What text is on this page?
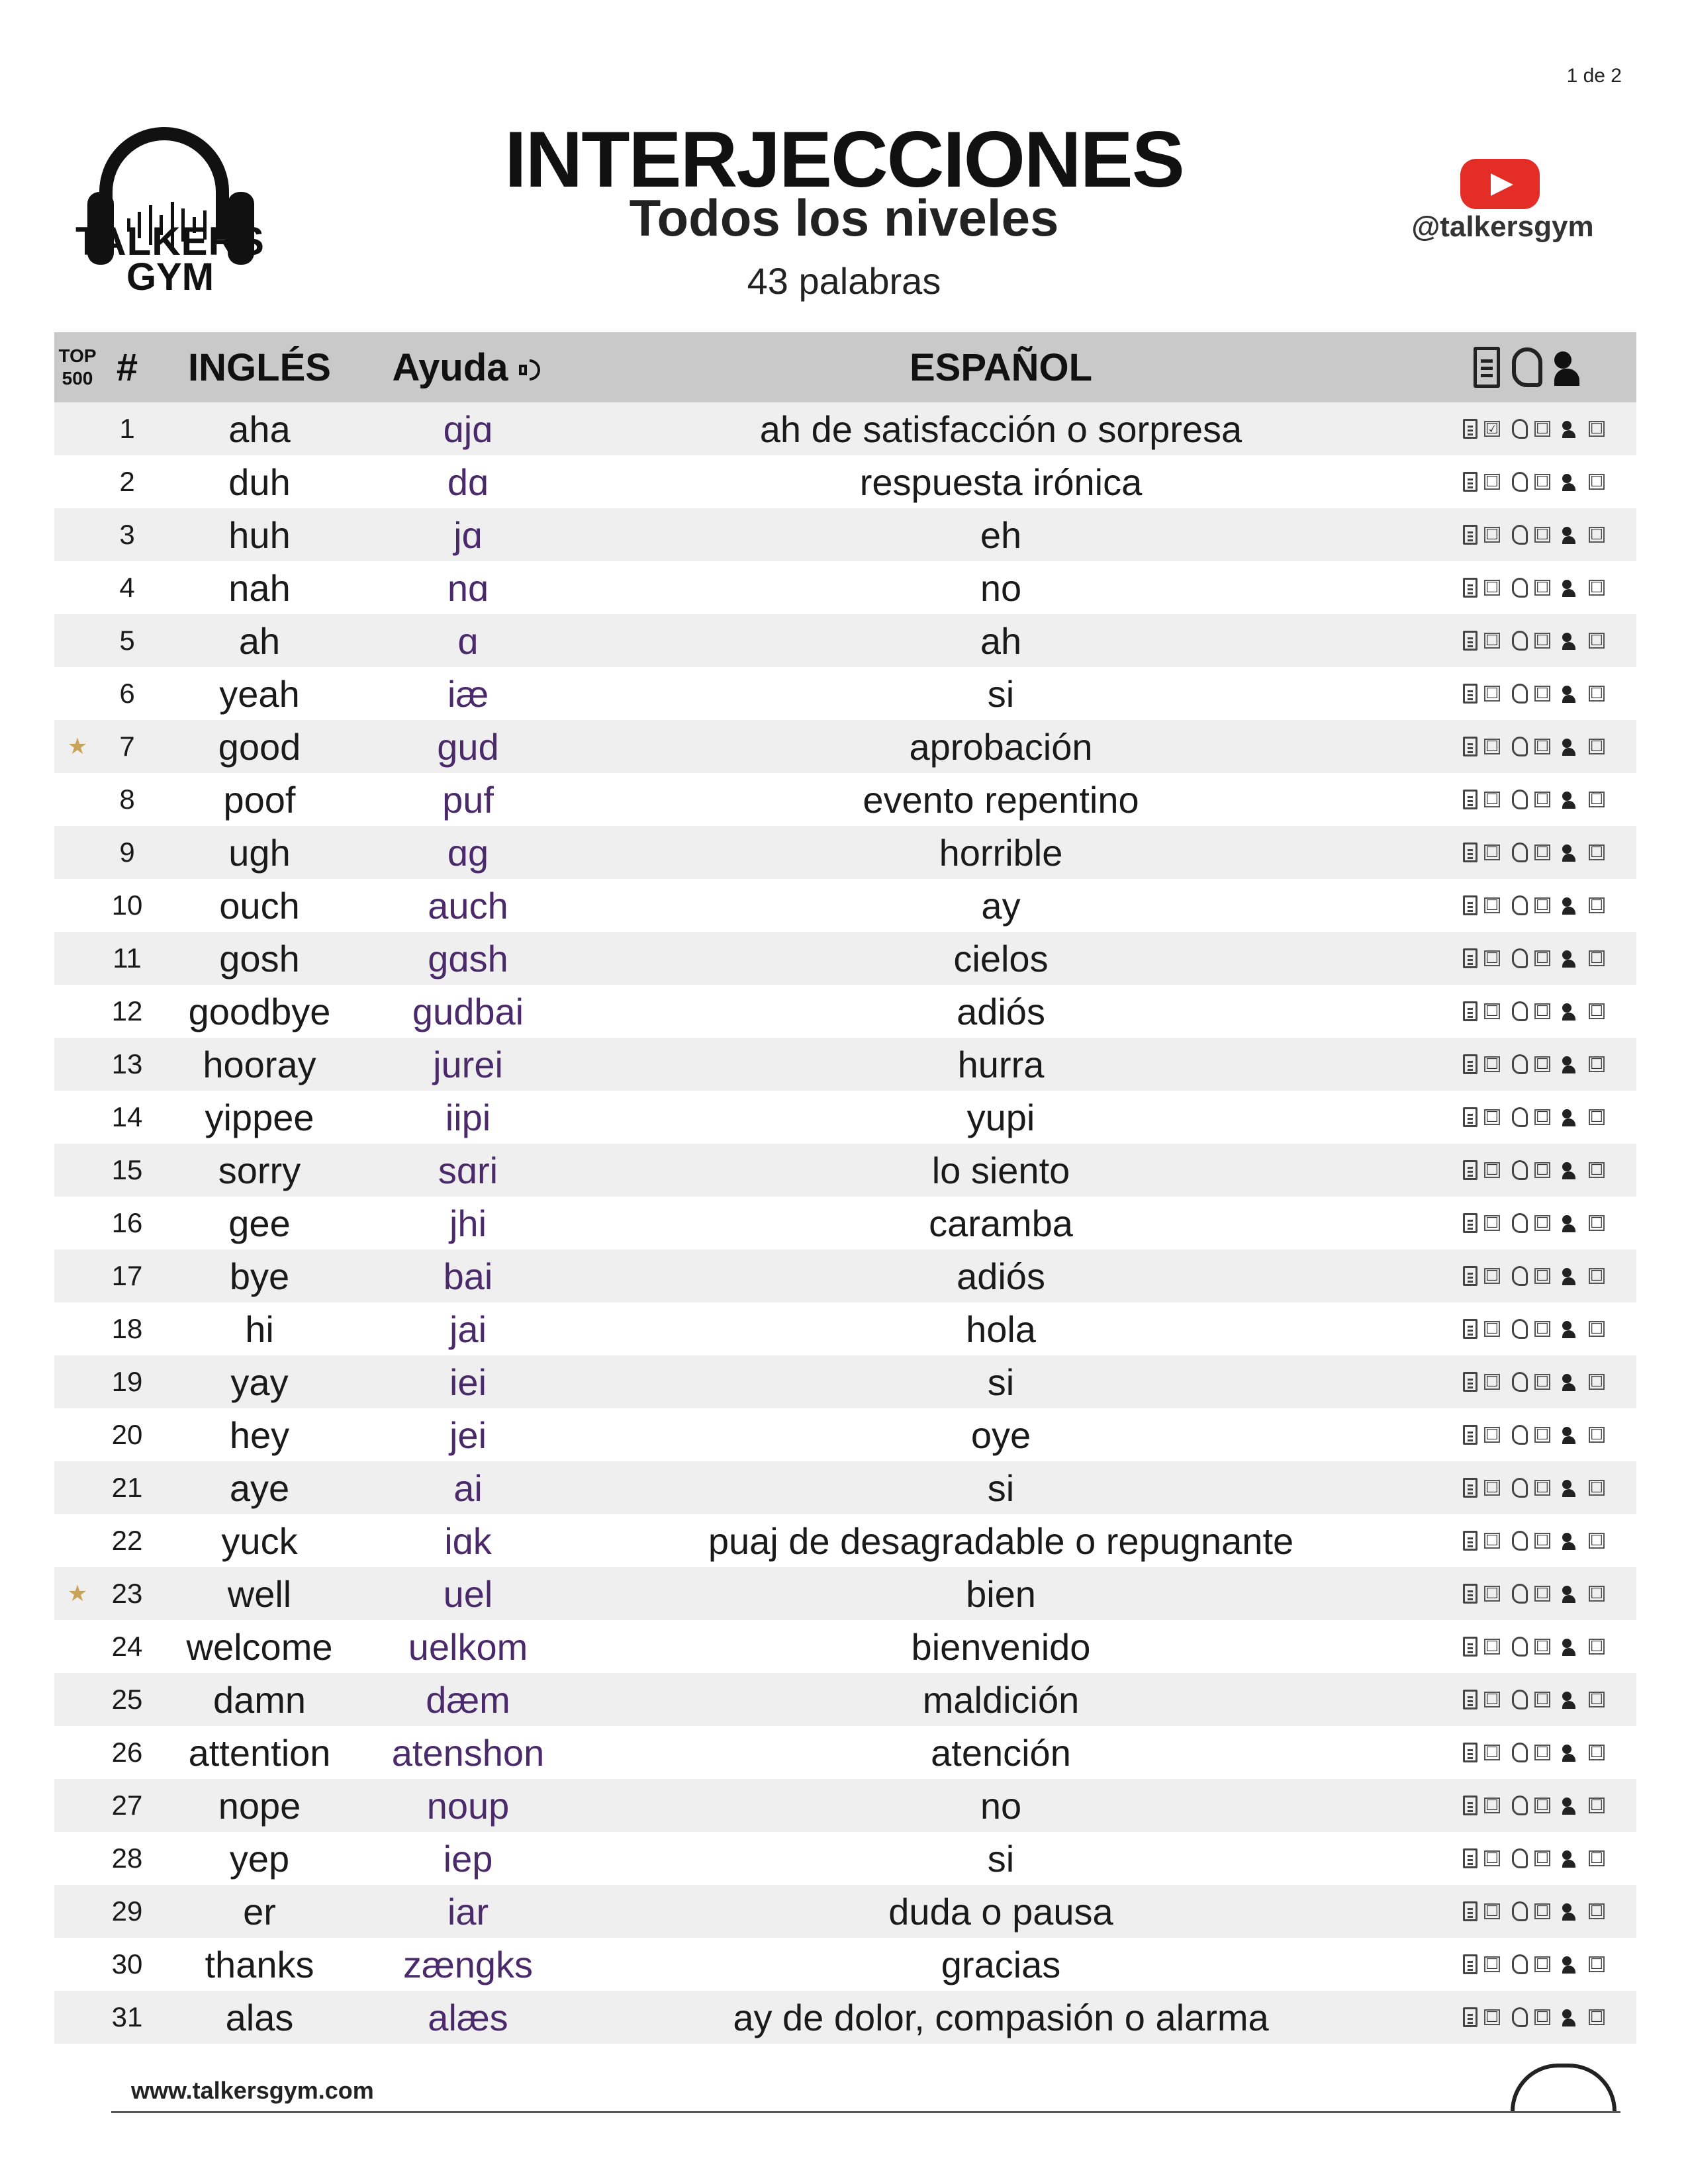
1 de 2
TALKERS
GYM
INTERJECCIONES
Todos los niveles
43 palabras
@talkersgym
TOP
500	#	INGLÉS	Ayuda	ESPAÑOL	

	1	aha	ɑjɑ	ah de satisfacción o sorpresa	☑ ☐ ☐

	2	duh	dɑ	respuesta irónica	☐ ☐ ☐

	3	huh	jɑ	eh	☐ ☐ ☐

	4	nah	nɑ	no	☐ ☐ ☐

	5	ah	ɑ	ah	☐ ☐ ☐

	6	yeah	iæ	si	☐ ☐ ☐

★	7	good	gud	aprobación	☐ ☐ ☐

	8	poof	puf	evento repentino	☐ ☐ ☐

	9	ugh	ɑg	horrible	☐ ☐ ☐

	10	ouch	auch	ay	☐ ☐ ☐

	11	gosh	gɑsh	cielos	☐ ☐ ☐

	12	goodbye	gudbai	adiós	☐ ☐ ☐

	13	hooray	jurei	hurra	☐ ☐ ☐

	14	yippee	iipi	yupi	☐ ☐ ☐

	15	sorry	sɑri	lo siento	☐ ☐ ☐

	16	gee	jhi	caramba	☐ ☐ ☐

	17	bye	bai	adiós	☐ ☐ ☐

	18	hi	jai	hola	☐ ☐ ☐

	19	yay	iei	si	☐ ☐ ☐

	20	hey	jei	oye	☐ ☐ ☐

	21	aye	ai	si	☐ ☐ ☐

	22	yuck	iɑk	puaj de desagradable o repugnante	☐ ☐ ☐

★	23	well	uel	bien	☐ ☐ ☐

	24	welcome	uelkom	bienvenido	☐ ☐ ☐

	25	damn	dæm	maldición	☐ ☐ ☐

	26	attention	atenshon	atención	☐ ☐ ☐

	27	nope	noup	no	☐ ☐ ☐

	28	yep	iep	si	☐ ☐ ☐

	29	er	iar	duda o pausa	☐ ☐ ☐

	30	thanks	zængks	gracias	☐ ☐ ☐

	31	alas	alæs	ay de dolor, compasión o alarma	☐ ☐ ☐
www.talkersgym.com
